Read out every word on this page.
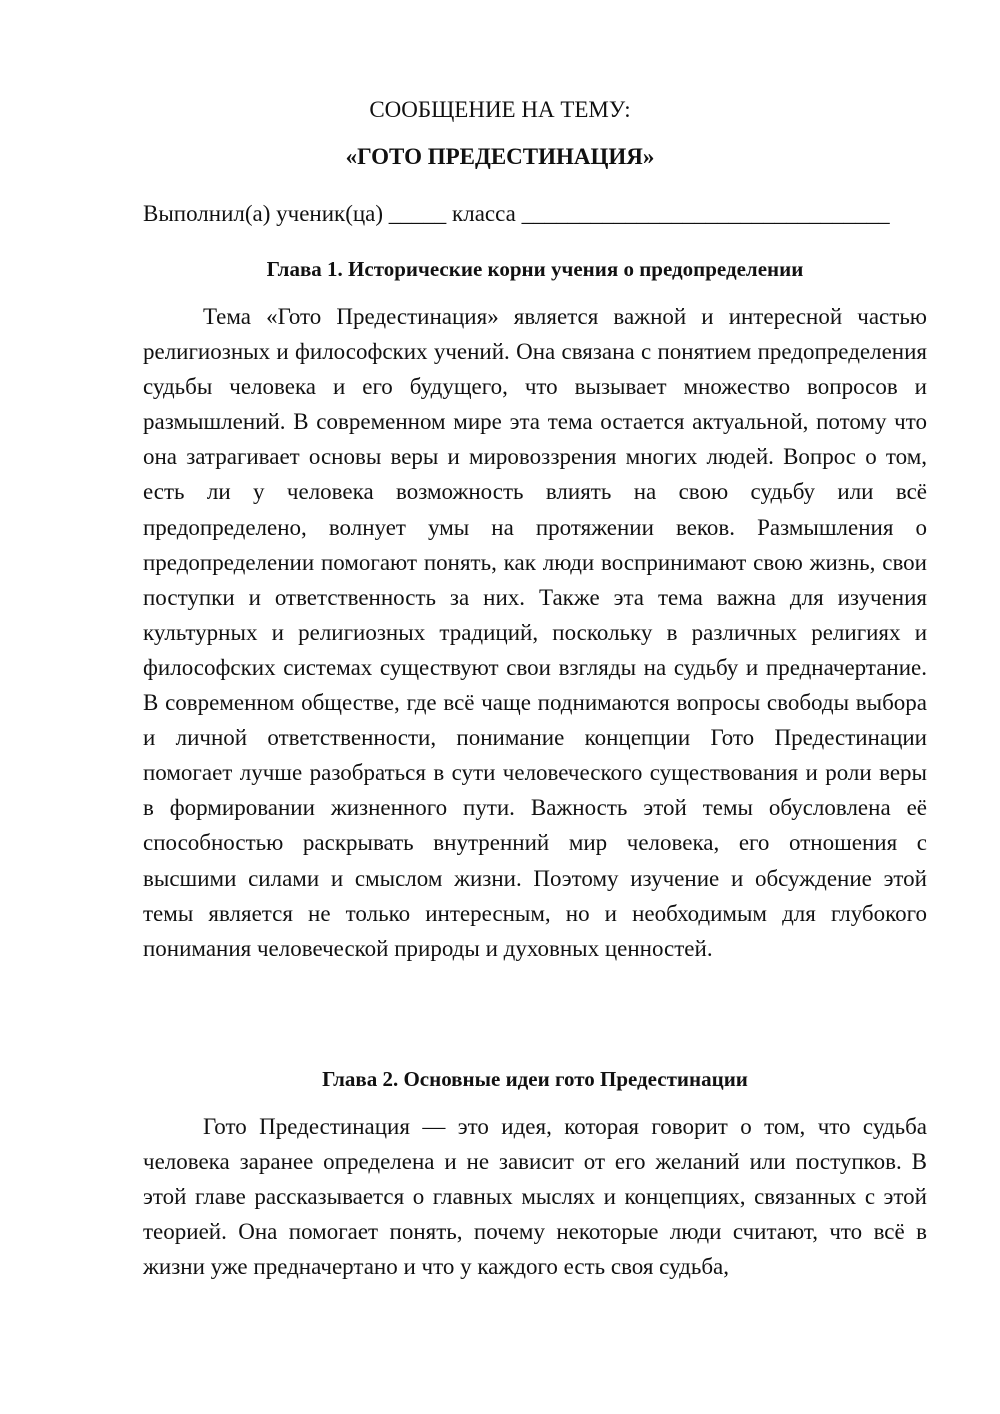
СООБЩЕНИЕ НА ТЕМУ:
«ГОТО ПРЕДЕСТИНАЦИЯ»
Выполнил(а) ученик(ца) _____ класса ________________________________
Глава 1. Исторические корни учения о предопределении

Тема «Гото Предестинация» является важной и интересной частью религиозных и философских учений. Она связана с понятием предопределения судьбы человека и его будущего, что вызывает множество вопросов и размышлений. В современном мире эта тема остается актуальной, потому что она затрагивает основы веры и мировоззрения многих людей. Вопрос о том, есть ли у человека возможность влиять на свою судьбу или всё предопределено, волнует умы на протяжении веков. Размышления о предопределении помогают понять, как люди воспринимают свою жизнь, свои поступки и ответственность за них. Также эта тема важна для изучения культурных и религиозных традиций, поскольку в различных религиях и философских системах существуют свои взгляды на судьбу и предначертание. В современном обществе, где всё чаще поднимаются вопросы свободы выбора и личной ответственности, понимание концепции Гото Предестинации помогает лучше разобраться в сути человеческого существования и роли веры в формировании жизненного пути. Важность этой темы обусловлена её способностью раскрывать внутренний мир человека, его отношения с высшими силами и смыслом жизни. Поэтому изучение и обсуждение этой темы является не только интересным, но и необходимым для глубокого понимания человеческой природы и духовных ценностей.

Глава 2. Основные идеи гото Предестинации

Гото Предестинация — это идея, которая говорит о том, что судьба человека заранее определена и не зависит от его желаний или поступков. В этой главе рассказывается о главных мыслях и концепциях, связанных с этой теорией. Она помогает понять, почему некоторые люди считают, что всё в жизни уже предначертано и что у каждого есть своя судьба,
